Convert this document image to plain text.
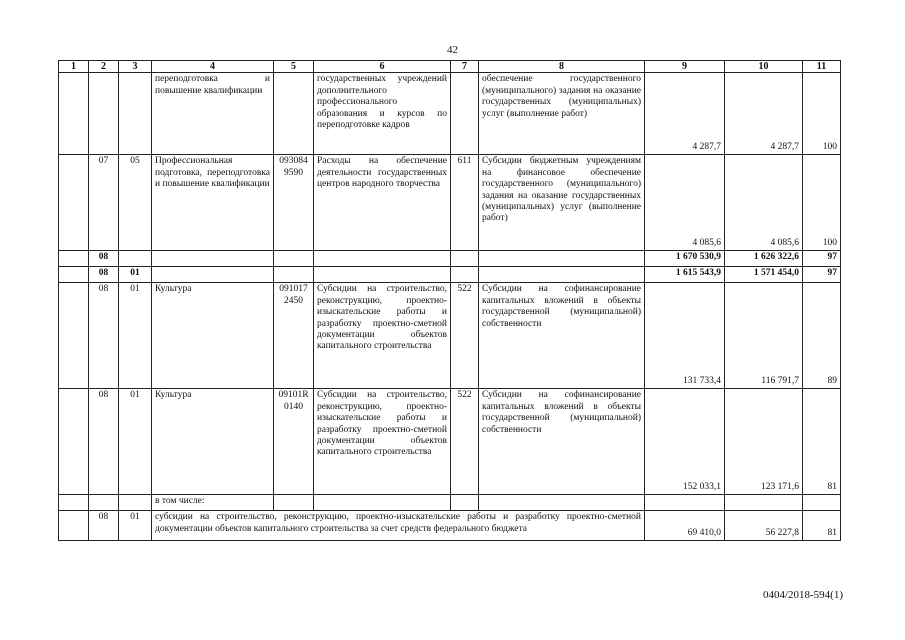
42
1	2	3	4	5	6	7	8	9	10	11
			переподготовка и повышение квалификации		государственных учреждений дополнительного профессионального образования и курсов по переподготовке кадров		обеспечение государственного (муниципального) задания на оказание государственных (муниципальных) услуг (выполнение работ)	4 287,7	4 287,7	100
	07	05	Профессиональная подготовка, переподготовка и повышение квалификации	093084 9590	Расходы на обеспечение деятельности государственных центров народного творчества	611	Субсидии бюджетным учреждениям на финансовое обеспечение государственного (муниципального) задания на оказание государственных (муниципальных) услуг (выполнение работ)	4 085,6	4 085,6	100
	08							1 670 530,9	1 626 322,6	97
	08	01						1 615 543,9	1 571 454,0	97
	08	01	Культура	091017 2450	Субсидии на строительство, реконструкцию, проектно-изыскательские работы и разработку проектно-сметной документации объектов капитального строительства	522	Субсидии на софинансирование капитальных вложений в объекты государственной (муниципальной) собственности	131 733,4	116 791,7	89
	08	01	Культура	09101R 0140	Субсидии на строительство, реконструкцию, проектно-изыскательские работы и разработку проектно-сметной документации объектов капитального строительства	522	Субсидии на софинансирование капитальных вложений в объекты государственной (муниципальной) собственности	152 033,1	123 171,6	81
			в том числе:							
	08	01	субсидии на строительство, реконструкцию, проектно-изыскательские работы и разработку проектно-сметной документации объектов капитального строительства за счет средств федерального бюджета					69 410,0	56 227,8	81
0404/2018-594(1)
